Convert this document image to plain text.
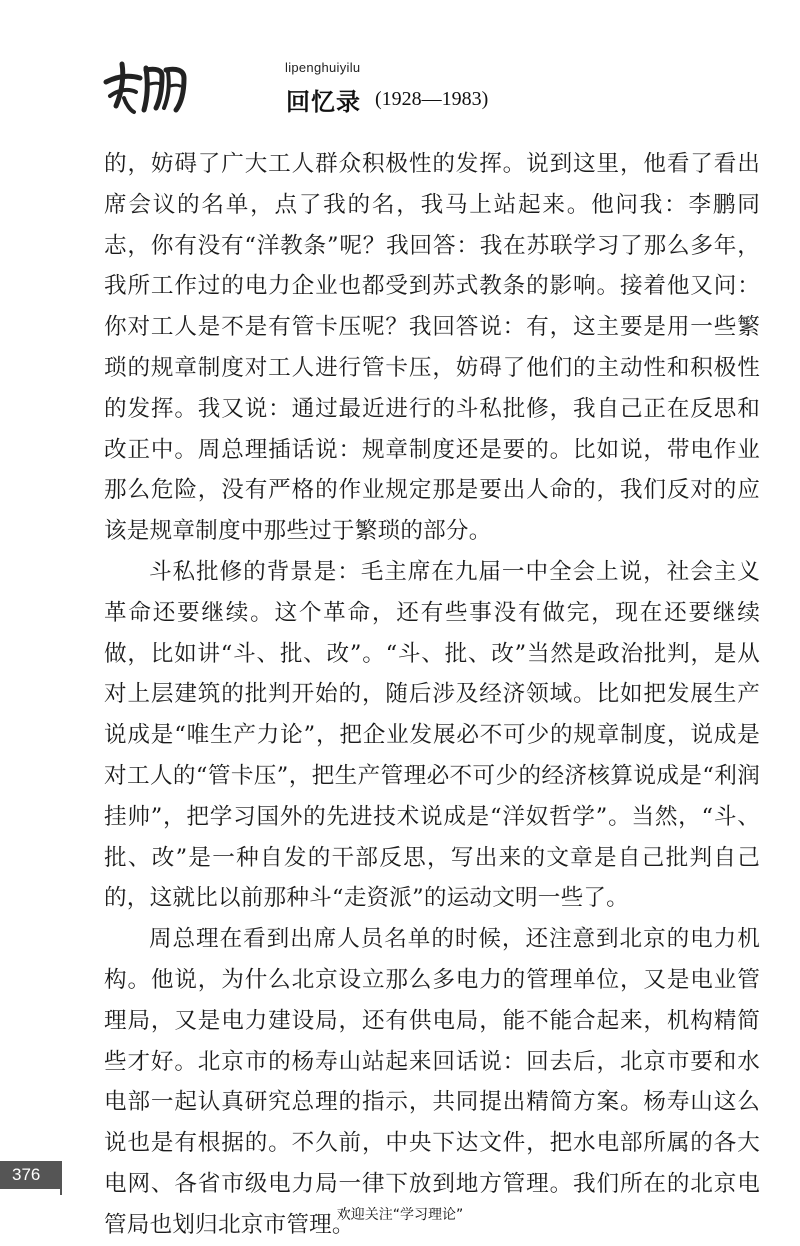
lipenghuiyilu
回忆录 (1928—1983)

的，妨碍了广大工人群众积极性的发挥。说到这里，他看了看出席会议的名单，点了我的名，我马上站起来。他问我：李鹏同志，你有没有“洋教条”呢？我回答：我在苏联学习了那么多年，我所工作过的电力企业也都受到苏式教条的影响。接着他又问：你对工人是不是有管卡压呢？我回答说：有，这主要是用一些繁琐的规章制度对工人进行管卡压，妨碍了他们的主动性和积极性的发挥。我又说：通过最近进行的斗私批修，我自己正在反思和改正中。周总理插话说：规章制度还是要的。比如说，带电作业那么危险，没有严格的作业规定那是要出人命的，我们反对的应该是规章制度中那些过于繁琐的部分。

斗私批修的背景是：毛主席在九届一中全会上说，社会主义革命还要继续。这个革命，还有些事没有做完，现在还要继续做，比如讲“斗、批、改”。“斗、批、改”当然是政治批判，是从对上层建筑的批判开始的，随后涉及经济领域。比如把发展生产说成是“唯生产力论”，把企业发展必不可少的规章制度，说成是对工人的“管卡压”，把生产管理必不可少的经济核算说成是“利润挂帅”，把学习国外的先进技术说成是“洋奴哲学”。当然，“斗、批、改”是一种自发的干部反思，写出来的文章是自己批判自己的，这就比以前那种斗“走资派”的运动文明一些了。

周总理在看到出席人员名单的时候，还注意到北京的电力机构。他说，为什么北京设立那么多电力的管理单位，又是电业管理局，又是电力建设局，还有供电局，能不能合起来，机构精简些才好。北京市的杨寿山站起来回话说：回去后，北京市要和水电部一起认真研究总理的指示，共同提出精简方案。杨寿山这么说也是有根据的。不久前，中央下达文件，把水电部所属的各大电网、各省市级电力局一律下放到地方管理。我们所在的北京电管局也划归北京市管理。

376
欢迎关注“学习理论”
